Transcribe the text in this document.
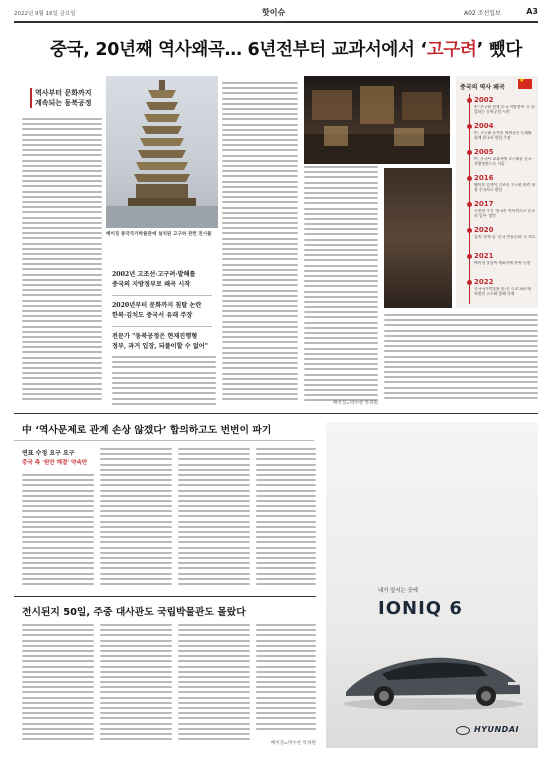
2022년 9월 16일 금요일	핫이슈	A02 조선일보	A3
중국, 20년째 역사왜곡… 6년전부터 교과서에서 ‘고구려’ 뺐다
역사부터 문화까지
계속되는 동북공정
베이징 중국국가박물관에 설치된 고구려 관련 전시물
2002년 고조선·고구려·발해를
중국의 지방정부로 왜곡 시작
2020년부터 문화까지 침탈 논란
한복·김치도 중국서 유래 주장
전문가 "동북공정은 현재진행형
정부, 과거 입장, 되풀이할 수 없어"
베이징=박수찬 특파원
중국의 역사 왜곡
★
2002
中 '고구려 현재 중국 지방정부' 로 편입하는 동북공정 시작
2004
中, 고구려 유적지 세계유산 등재와 함께 한국사 편입 주장
2005
中, 중국사 교과서에 고구려를 중국 지방정권으로 서술
2016
웨이보 검색어 고조선 고구려 관련 내용 중국사로 편입
2017
시진핑 주석 '한국은 역사적으로 중국의 일부' 발언
2020
김치 '한복'을 '중국 전통문화' 로 보도
2021
베이징 올림픽 개회식에 한복 등장
2022
중국국가박물관 한·중 수교 30주년 특별전 고구려 발해 삭제
中 ‘역사문제로 관계 손상 않겠다’ 합의하고도 번번이 파기
연표 수정 요구 요구
중국 측 '원만 해결' 약속만
전시된지 50일, 주중 대사관도 국립박물관도 몰랐다
베이징=박수찬 특파원
내가 앞서는 곳에
IONIQ 6
HYUNDAI
